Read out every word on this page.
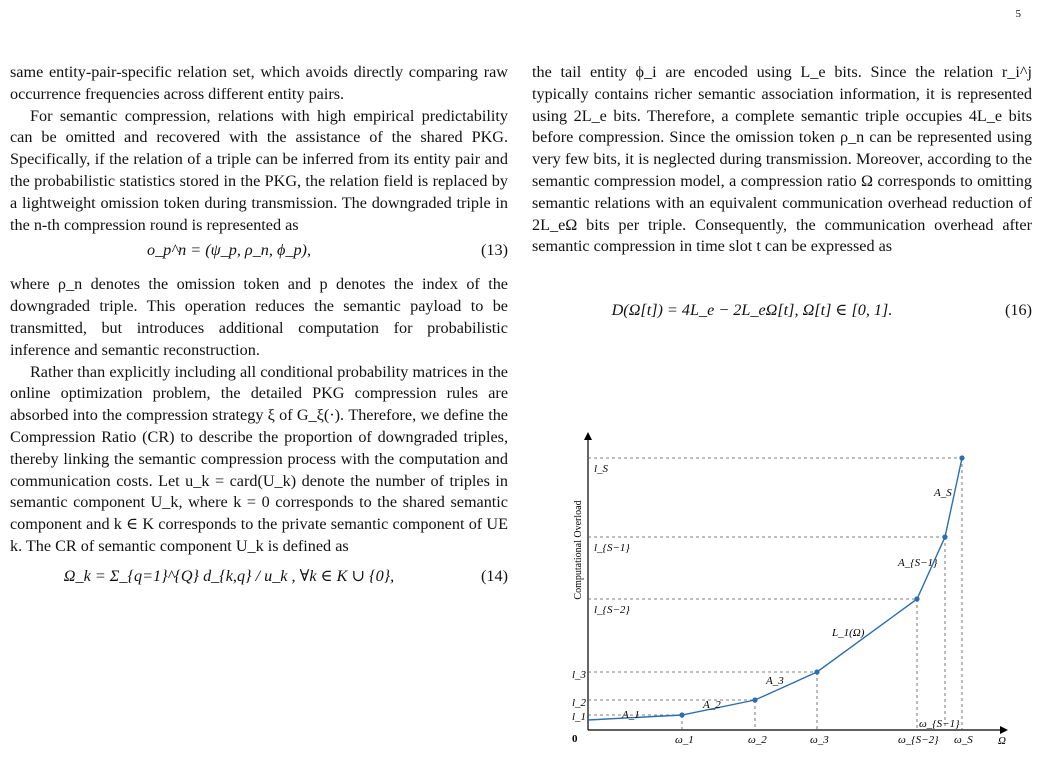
5

same entity-pair-specific relation set, which avoids directly comparing raw occurrence frequencies across different entity pairs.

For semantic compression, relations with high empirical predictability can be omitted and recovered with the assistance of the shared PKG. Specifically, if the relation of a triple can be inferred from its entity pair and the probabilistic statistics stored in the PKG, the relation field is replaced by a lightweight omission token during transmission. The downgraded triple in the n-th compression round is represented as

o_p^n = (ψ_p, ρ_n, ϕ_p),	(13)

where ρ_n denotes the omission token and p denotes the index of the downgraded triple. This operation reduces the semantic payload to be transmitted, but introduces additional computation for probabilistic inference and semantic reconstruction.

Rather than explicitly including all conditional probability matrices in the online optimization problem, the detailed PKG compression rules are absorbed into the compression strategy ξ of G_ξ(·). Therefore, we define the Compression Ratio (CR) to describe the proportion of downgraded triples, thereby linking the semantic compression process with the computation and communication costs. Let u_k = card(U_k) denote the number of triples in semantic component U_k, where k = 0 corresponds to the shared semantic component and k ∈ K corresponds to the private semantic component of UE k. The CR of semantic component U_k is defined as

Ω_k = Σ_{q=1}^{Q} d_{k,q} / u_k , ∀k ∈ K ∪ {0},	(14)

the tail entity ϕ_i are encoded using L_e bits. Since the relation r_i^j typically contains richer semantic association information, it is represented using 2L_e bits. Therefore, a complete semantic triple occupies 4L_e bits before compression. Since the omission token ρ_n can be represented using very few bits, it is neglected during transmission. Moreover, according to the semantic compression model, a compression ratio Ω corresponds to omitting semantic relations with an equivalent communication overhead reduction of 2L_eΩ bits per triple. Consequently, the communication overhead after semantic compression in time slot t can be expressed as

D(Ω[t]) = 4L_e − 2L_eΩ[t], Ω[t] ∈ [0, 1].	(16)
Computational Overload
Ω
0
L_1(Ω)
l_1
l_2
l_3
l_{S−2}
l_{S−1}
l_S
ω_1	ω_2	ω_3	ω_{S−2}
ω_{S−1}
ω_S
A_1
A_2
A_3
A_{S−1}
A_S
